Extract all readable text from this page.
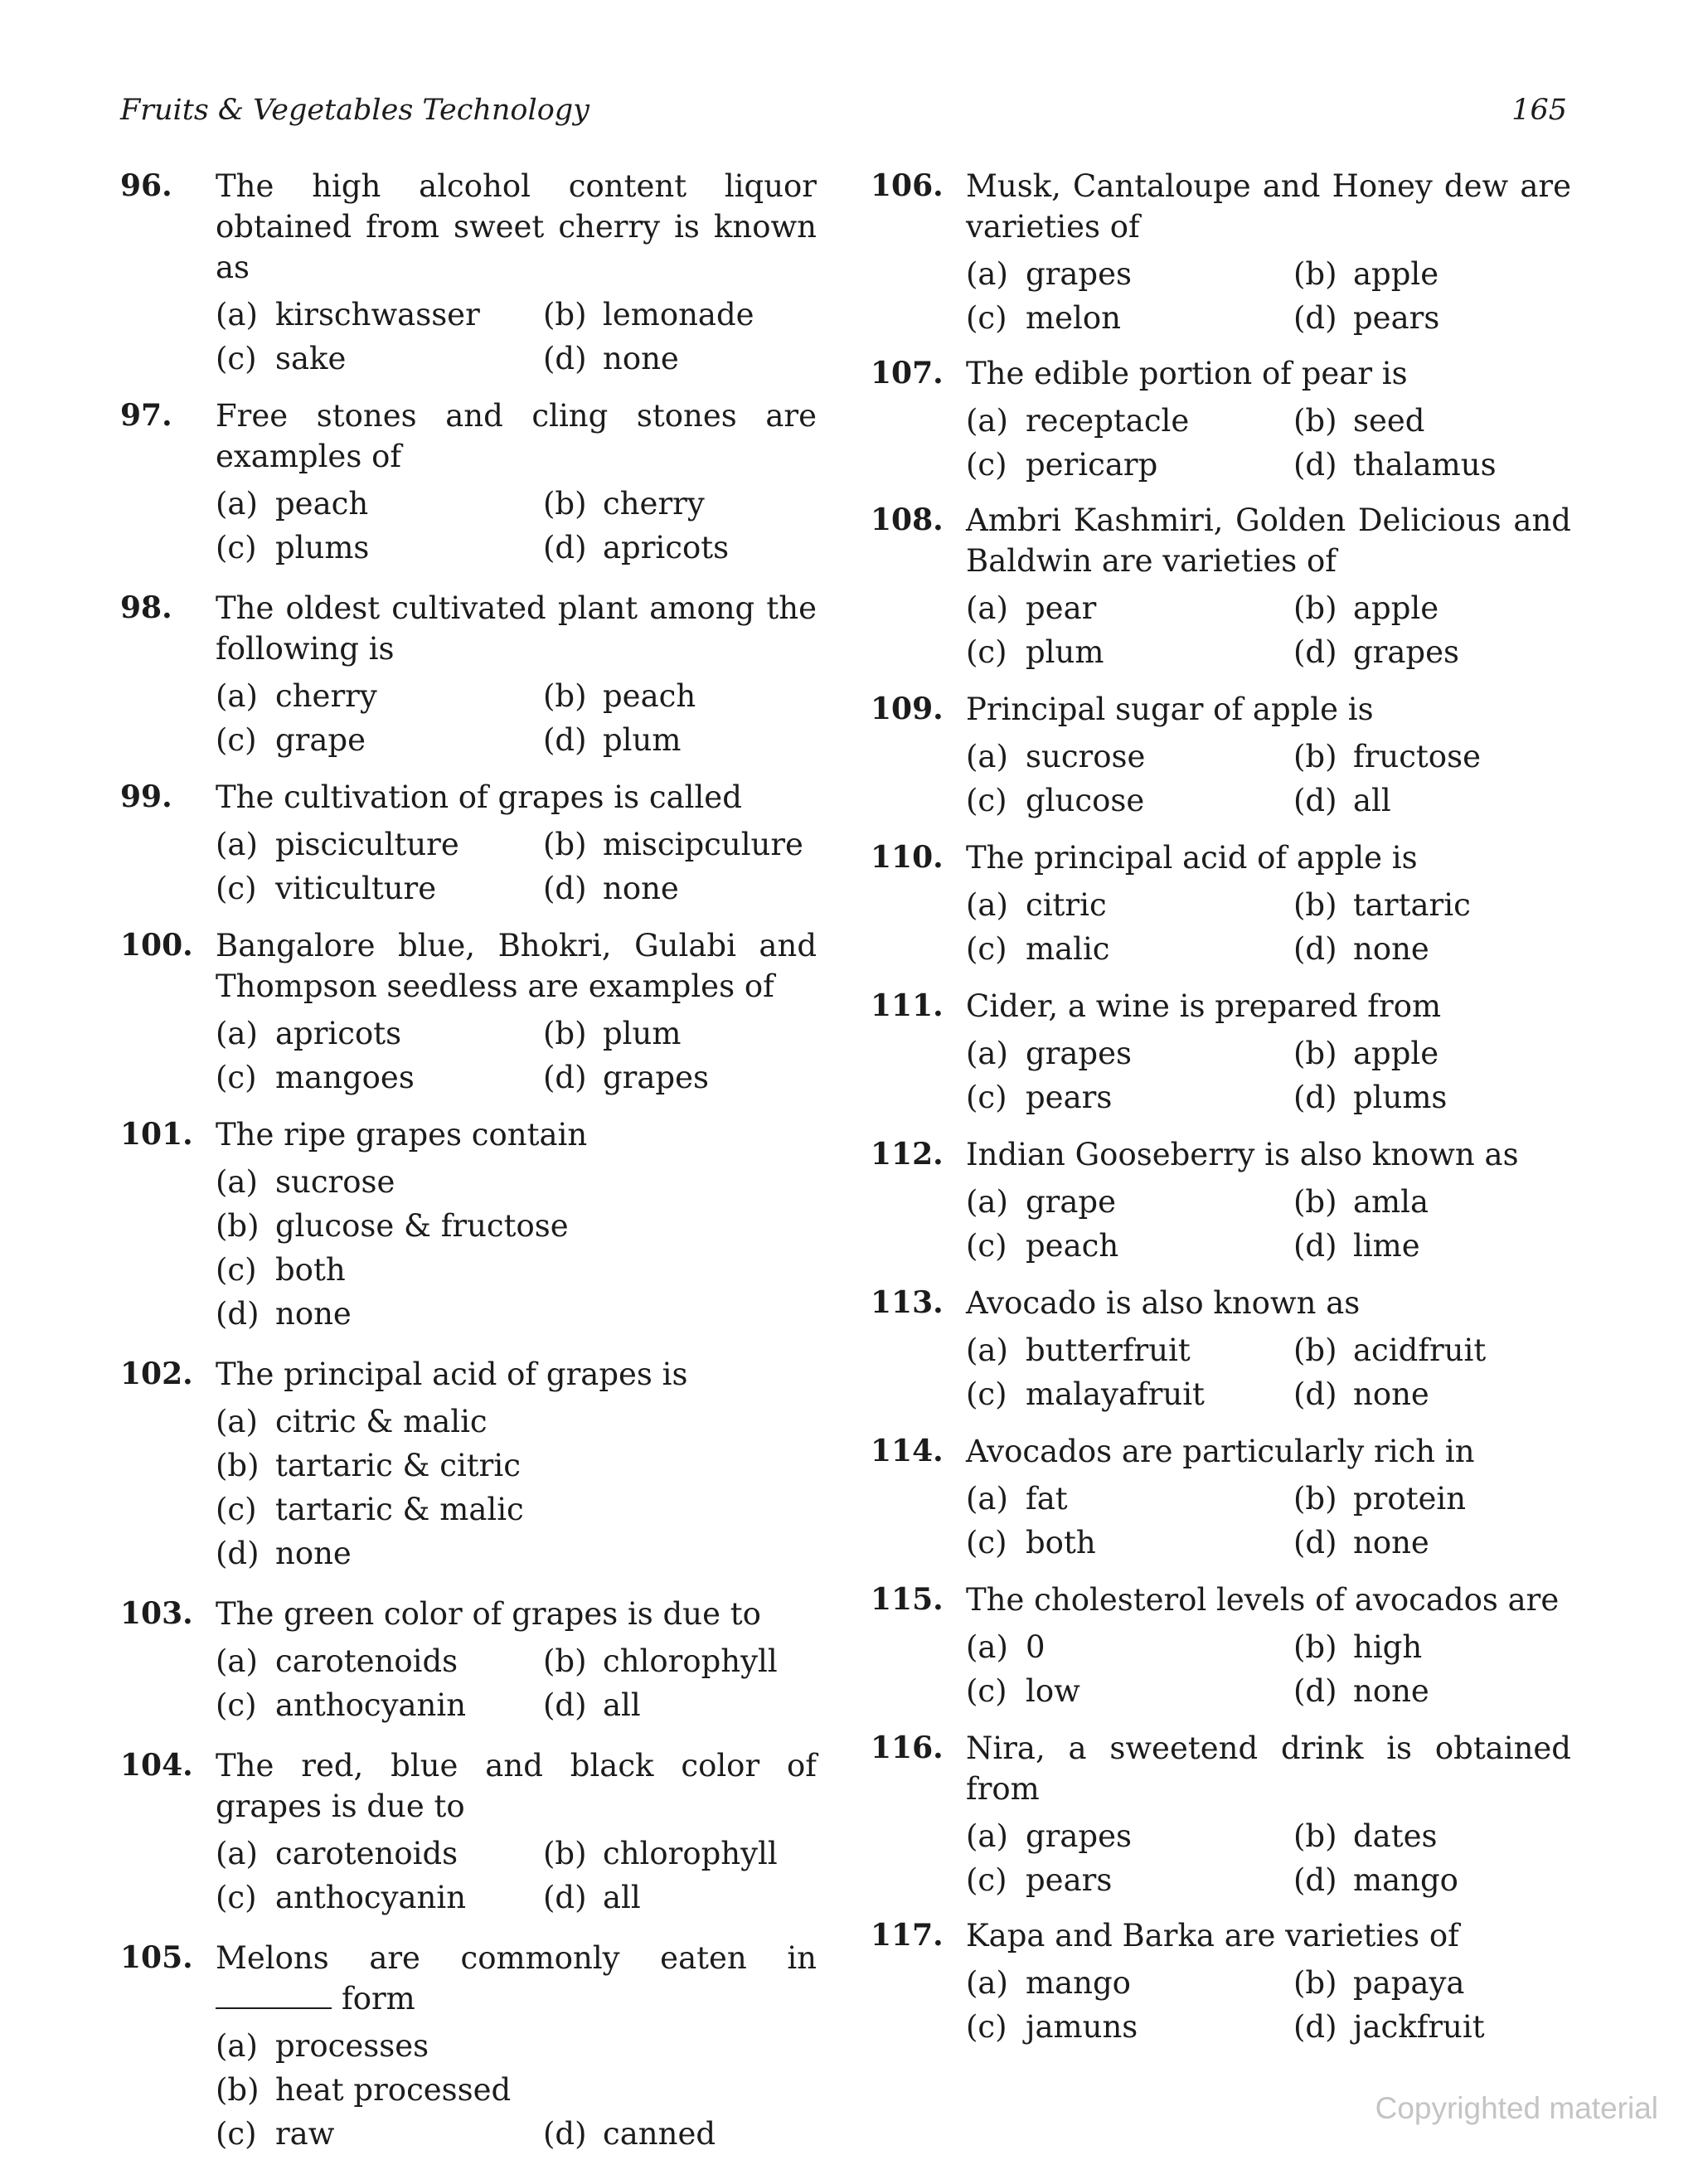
Fruits & Vegetables Technology	165
96.	The high alcohol content liquor obtained from sweet cherry is known as
(a) kirschwasser	(b) lemonade
(c) sake	(d) none
97.	Free stones and cling stones are examples of
(a) peach	(b) cherry
(c) plums	(d) apricots
98.	The oldest cultivated plant among the following is
(a) cherry	(b) peach
(c) grape	(d) plum
99.	The cultivation of grapes is called
(a) pisciculture	(b) miscipculure
(c) viticulture	(d) none
100. Bangalore blue, Bhokri, Gulabi and Thompson seedless are examples of
(a) apricots	(b) plum
(c) mangoes	(d) grapes
101. The ripe grapes contain
(a) sucrose
(b) glucose & fructose
(c) both
(d) none
102. The principal acid of grapes is
(a) citric & malic
(b) tartaric & citric
(c) tartaric & malic
(d) none
103. The green color of grapes is due to
(a) carotenoids	(b) chlorophyll
(c) anthocyanin	(d) all
104. The red, blue and black color of grapes is due to
(a) carotenoids	(b) chlorophyll
(c) anthocyanin	(d) all
105. Melons are commonly eaten in form
(a) processes
(b) heat processed
(c) raw	(d) canned
106. Musk, Cantaloupe and Honey dew are varieties of
(a) grapes	(b) apple
(c) melon	(d) pears
107. The edible portion of pear is
(a) receptacle	(b) seed
(c) pericarp	(d) thalamus
108. Ambri Kashmiri, Golden Delicious and Baldwin are varieties of
(a) pear	(b) apple
(c) plum	(d) grapes
109. Principal sugar of apple is
(a) sucrose	(b) fructose
(c) glucose	(d) all
110. The principal acid of apple is
(a) citric	(b) tartaric
(c) malic	(d) none
111. Cider, a wine is prepared from
(a) grapes	(b) apple
(c) pears	(d) plums
112. Indian Gooseberry is also known as
(a) grape	(b) amla
(c) peach	(d) lime
113. Avocado is also known as
(a) butterfruit	(b) acidfruit
(c) malayafruit	(d) none
114. Avocados are particularly rich in
(a) fat	(b) protein
(c) both	(d) none
115. The cholesterol levels of avocados are
(a) 0	(b) high
(c) low	(d) none
116. Nira, a sweetend drink is obtained from
(a) grapes	(b) dates
(c) pears	(d) mango
117. Kapa and Barka are varieties of
(a) mango	(b) papaya
(c) jamuns	(d) jackfruit
Copyrighted material
